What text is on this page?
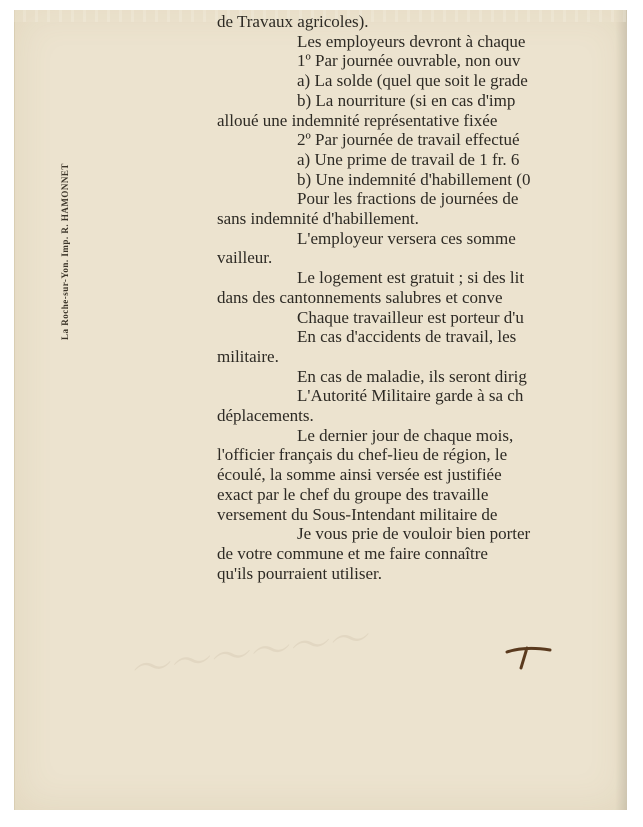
〜〜〜〜〜〜
La Roche-sur-Yon. Imp. R. HAMONNET
de Travaux agricoles).
Les employeurs devront à chaque
1º Par journée ouvrable, non ouv
a) La solde (quel que soit le grade
b) La nourriture (si en cas d'imp
alloué une indemnité représentative fixée
2º Par journée de travail effectué
a) Une prime de travail de 1 fr. 6
b) Une indemnité d'habillement (0
Pour les fractions de journées de
sans indemnité d'habillement.
L'employeur versera ces somme
vailleur.
Le logement est gratuit ; si des lit
dans des cantonnements salubres et conve
Chaque travailleur est porteur d'u
En cas d'accidents de travail, les
militaire.
En cas de maladie, ils seront dirig
L'Autorité Militaire garde à sa ch
déplacements.
Le dernier jour de chaque mois,
l'officier français du chef-lieu de région, le
écoulé, la somme ainsi versée est justifiée
exact par le chef du groupe des travaille
versement du Sous-Intendant militaire de
Je vous prie de vouloir bien porter
de votre commune et me faire connaître
qu'ils pourraient utiliser.
